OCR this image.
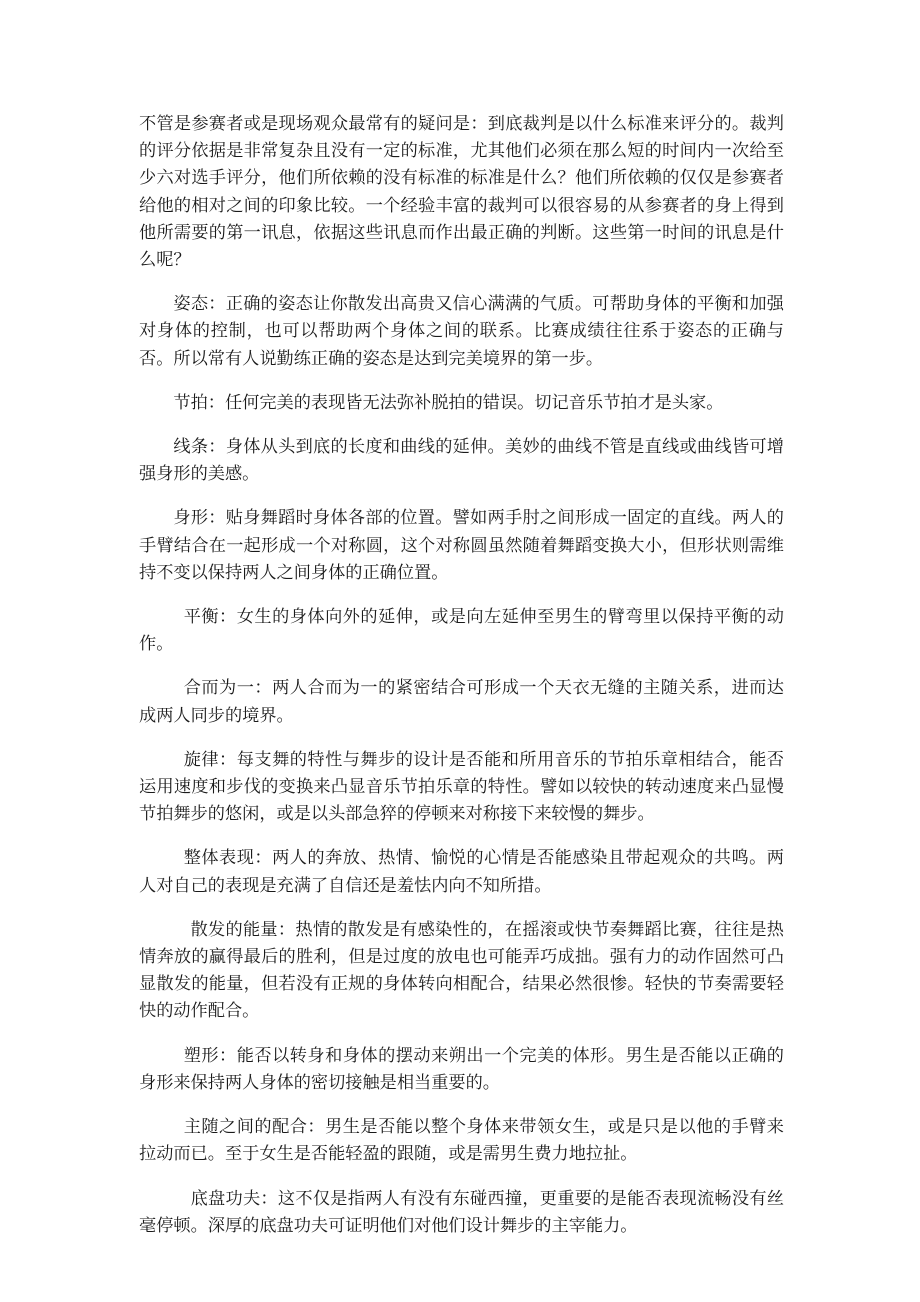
不管是参赛者或是现场观众最常有的疑问是：到底裁判是以什么标准来评分的。裁判的评分依据是非常复杂且没有一定的标准，尤其他们必须在那么短的时间内一次给至少六对选手评分，他们所依赖的没有标准的标准是什么？他们所依赖的仅仅是参赛者给他的相对之间的印象比较。一个经验丰富的裁判可以很容易的从参赛者的身上得到他所需要的第一讯息，依据这些讯息而作出最正确的判断。这些第一时间的讯息是什么呢？

姿态：正确的姿态让你散发出高贵又信心满满的气质。可帮助身体的平衡和加强对身体的控制，也可以帮助两个身体之间的联系。比赛成绩往往系于姿态的正确与否。所以常有人说勤练正确的姿态是达到完美境界的第一步。

节拍：任何完美的表现皆无法弥补脱拍的错误。切记音乐节拍才是头家。

线条：身体从头到底的长度和曲线的延伸。美妙的曲线不管是直线或曲线皆可增强身形的美感。

身形：贴身舞蹈时身体各部的位置。譬如两手肘之间形成一固定的直线。两人的手臂结合在一起形成一个对称圆，这个对称圆虽然随着舞蹈变换大小，但形状则需维持不变以保持两人之间身体的正确位置。

平衡：女生的身体向外的延伸，或是向左延伸至男生的臂弯里以保持平衡的动作。

合而为一：两人合而为一的紧密结合可形成一个天衣无缝的主随关系，进而达成两人同步的境界。

旋律：每支舞的特性与舞步的设计是否能和所用音乐的节拍乐章相结合，能否运用速度和步伐的变换来凸显音乐节拍乐章的特性。譬如以较快的转动速度来凸显慢节拍舞步的悠闲，或是以头部急猝的停顿来对称接下来较慢的舞步。

整体表现：两人的奔放、热情、愉悦的心情是否能感染且带起观众的共鸣。两人对自己的表现是充满了自信还是羞怯内向不知所措。

散发的能量：热情的散发是有感染性的，在摇滚或快节奏舞蹈比赛，往往是热情奔放的赢得最后的胜利，但是过度的放电也可能弄巧成拙。强有力的动作固然可凸显散发的能量，但若没有正规的身体转向相配合，结果必然很惨。轻快的节奏需要轻快的动作配合。

塑形：能否以转身和身体的摆动来朔出一个完美的体形。男生是否能以正确的身形来保持两人身体的密切接触是相当重要的。

主随之间的配合：男生是否能以整个身体来带领女生，或是只是以他的手臂来拉动而已。至于女生是否能轻盈的跟随，或是需男生费力地拉扯。

底盘功夫：这不仅是指两人有没有东碰西撞，更重要的是能否表现流畅没有丝毫停顿。深厚的底盘功夫可证明他们对他们设计舞步的主宰能力。
